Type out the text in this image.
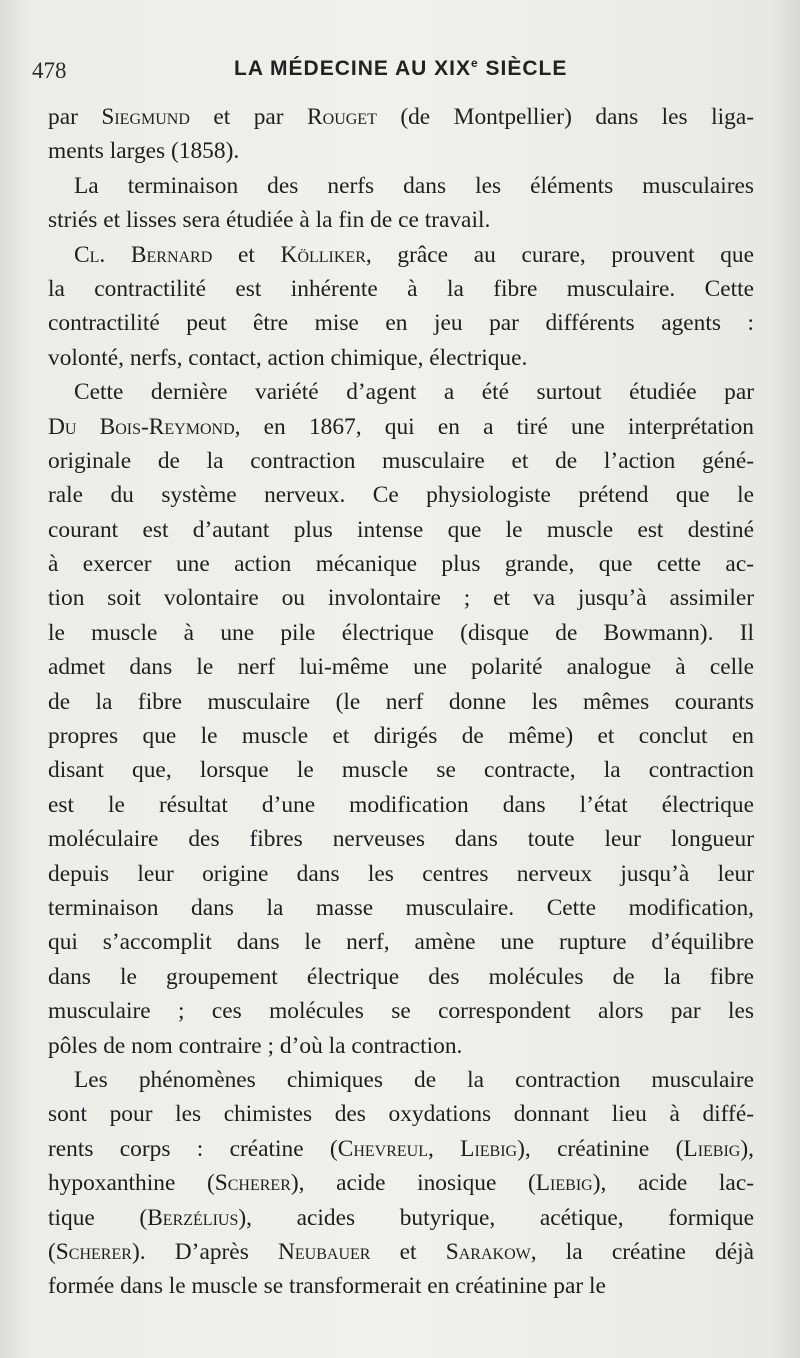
478	LA MÉDECINE AU XIXe SIÈCLE
par Siegmund et par Rouget (de Montpellier) dans les liga-
ments larges (1858).
La terminaison des nerfs dans les éléments musculaires
striés et lisses sera étudiée à la fin de ce travail.
Cl. Bernard et Kölliker, grâce au curare, prouvent que
la contractilité est inhérente à la fibre musculaire. Cette
contractilité peut être mise en jeu par différents agents :
volonté, nerfs, contact, action chimique, électrique.
Cette dernière variété d’agent a été surtout étudiée par
Du Bois-Reymond, en 1867, qui en a tiré une interprétation
originale de la contraction musculaire et de l’action géné-
rale du système nerveux. Ce physiologiste prétend que le
courant est d’autant plus intense que le muscle est destiné
à exercer une action mécanique plus grande, que cette ac-
tion soit volontaire ou involontaire ; et va jusqu’à assimiler
le muscle à une pile électrique (disque de Bowmann). Il
admet dans le nerf lui-même une polarité analogue à celle
de la fibre musculaire (le nerf donne les mêmes courants
propres que le muscle et dirigés de même) et conclut en
disant que, lorsque le muscle se contracte, la contraction
est le résultat d’une modification dans l’état électrique
moléculaire des fibres nerveuses dans toute leur longueur
depuis leur origine dans les centres nerveux jusqu’à leur
terminaison dans la masse musculaire. Cette modification,
qui s’accomplit dans le nerf, amène une rupture d’équilibre
dans le groupement électrique des molécules de la fibre
musculaire ; ces molécules se correspondent alors par les
pôles de nom contraire ; d’où la contraction.
Les phénomènes chimiques de la contraction musculaire
sont pour les chimistes des oxydations donnant lieu à diffé-
rents corps : créatine (Chevreul, Liebig), créatinine (Liebig),
hypoxanthine (Scherer), acide inosique (Liebig), acide lac-
tique (Berzélius), acides butyrique, acétique, formique
(Scherer). D’après Neubauer et Sarakow, la créatine déjà
formée dans le muscle se transformerait en créatinine par le
